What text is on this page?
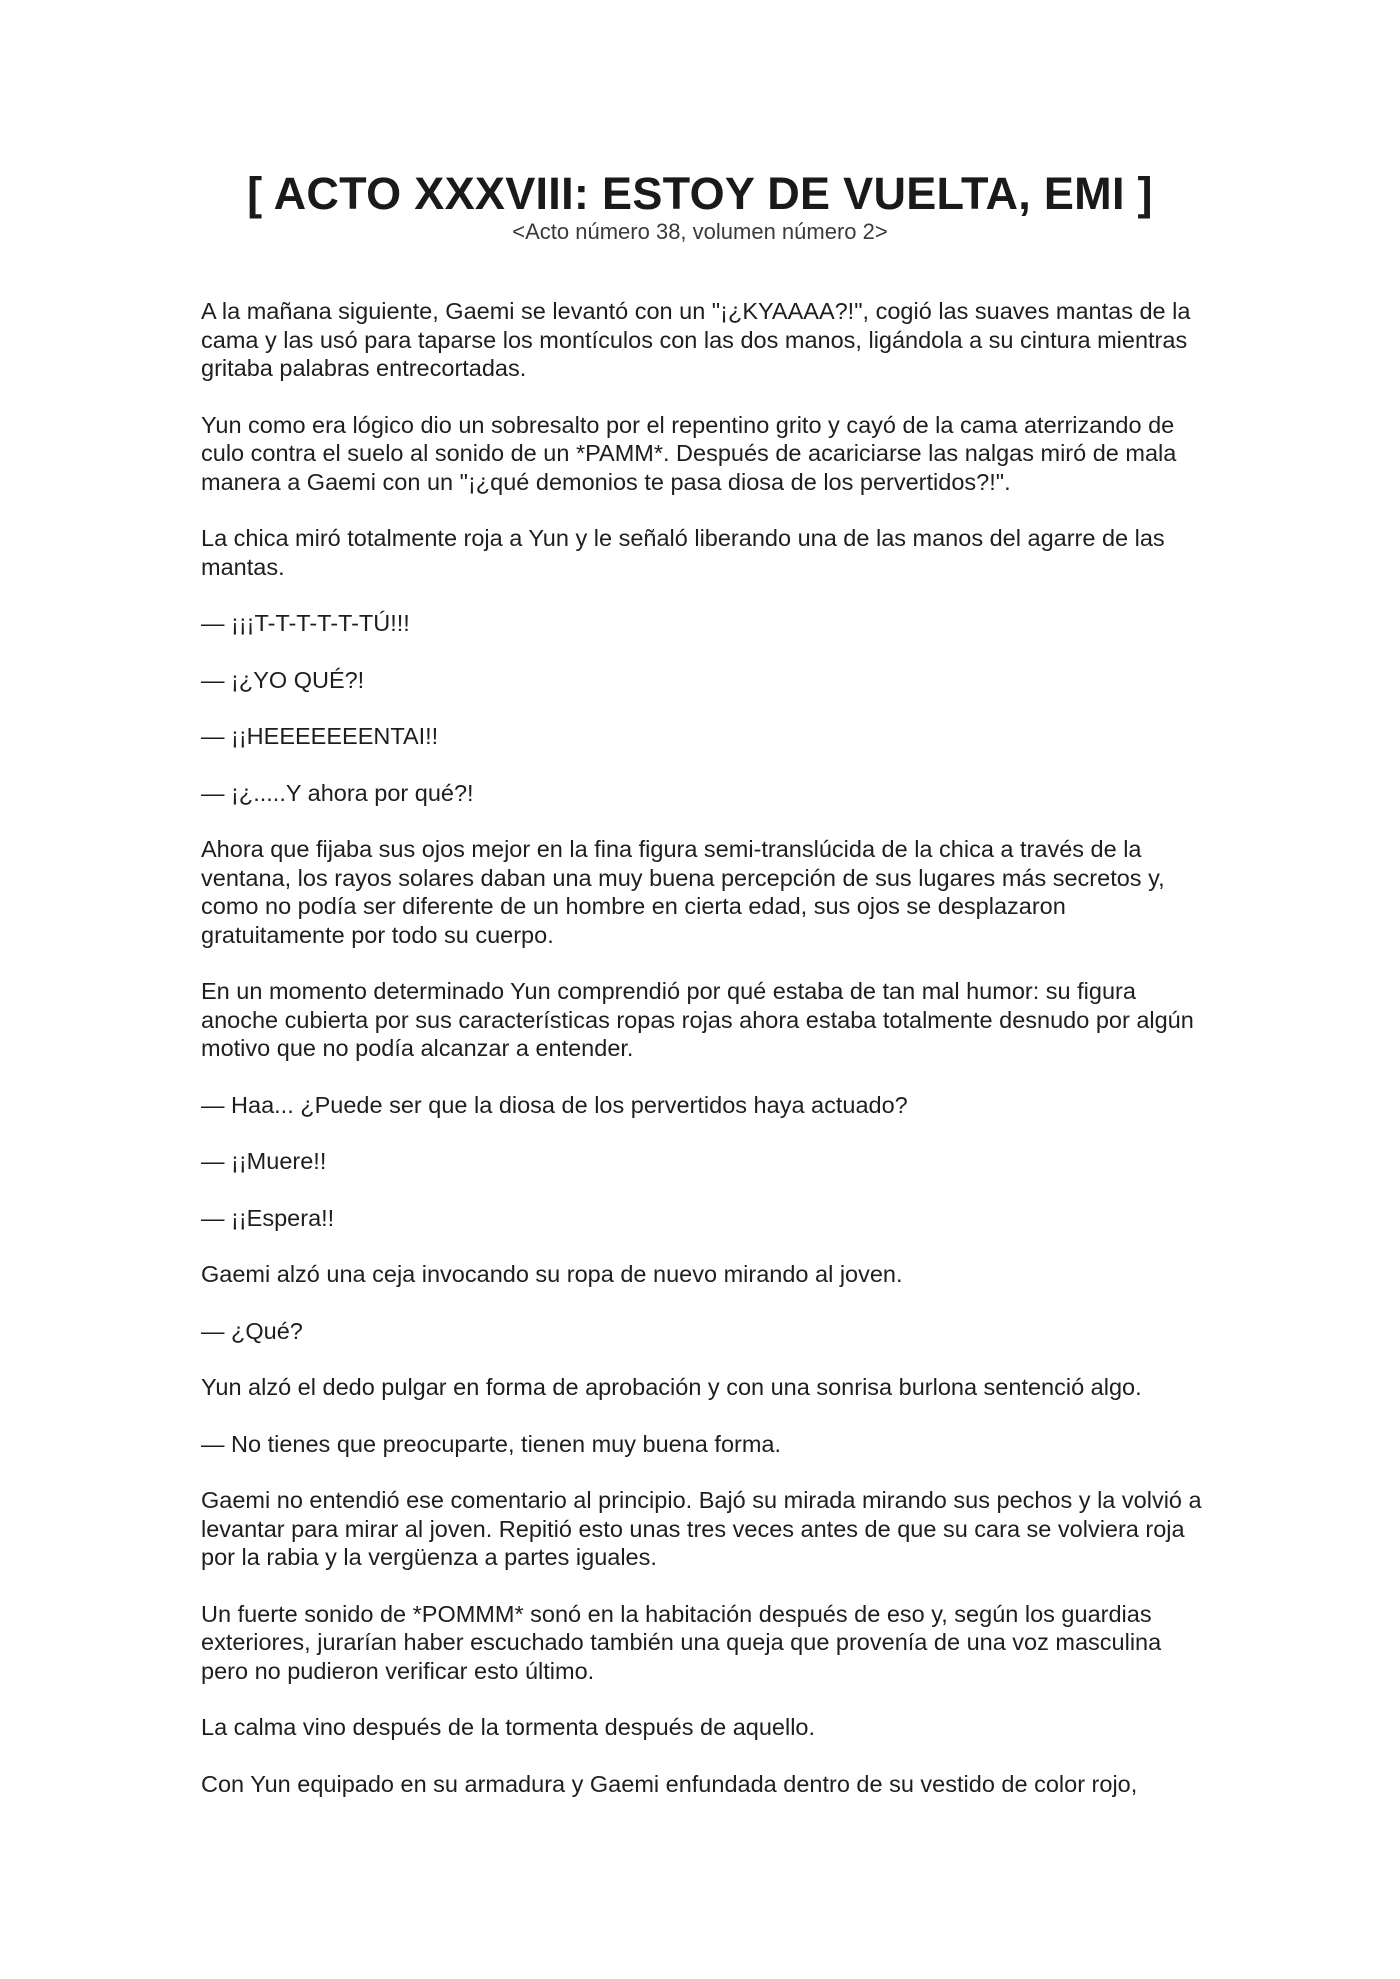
[ ACTO XXXVIII: ESTOY DE VUELTA, EMI ]
<Acto número 38, volumen número 2>

A la mañana siguiente, Gaemi se levantó con un "¡¿KYAAAA?!", cogió las suaves mantas de la cama y las usó para taparse los montículos con las dos manos, ligándola a su cintura mientras gritaba palabras entrecortadas.

Yun como era lógico dio un sobresalto por el repentino grito y cayó de la cama aterrizando de culo contra el suelo al sonido de un *PAMM*. Después de acariciarse las nalgas miró de mala manera a Gaemi con un "¡¿qué demonios te pasa diosa de los pervertidos?!".

La chica miró totalmente roja a Yun y le señaló liberando una de las manos del agarre de las mantas.

— ¡¡¡T-T-T-T-T-TÚ!!!

— ¡¿YO QUÉ?!

— ¡¡HEEEEEEENTAI!!

— ¡¿.....Y ahora por qué?!

Ahora que fijaba sus ojos mejor en la fina figura semi-translúcida de la chica a través de la ventana, los rayos solares daban una muy buena percepción de sus lugares más secretos y, como no podía ser diferente de un hombre en cierta edad, sus ojos se desplazaron gratuitamente por todo su cuerpo.

En un momento determinado Yun comprendió por qué estaba de tan mal humor: su figura anoche cubierta por sus características ropas rojas ahora estaba totalmente desnudo por algún motivo que no podía alcanzar a entender.

— Haa... ¿Puede ser que la diosa de los pervertidos haya actuado?

— ¡¡Muere!!

— ¡¡Espera!!

Gaemi alzó una ceja invocando su ropa de nuevo mirando al joven.

— ¿Qué?

Yun alzó el dedo pulgar en forma de aprobación y con una sonrisa burlona sentenció algo.

— No tienes que preocuparte, tienen muy buena forma.

Gaemi no entendió ese comentario al principio. Bajó su mirada mirando sus pechos y la volvió a levantar para mirar al joven. Repitió esto unas tres veces antes de que su cara se volviera roja por la rabia y la vergüenza a partes iguales.

Un fuerte sonido de *POMMM* sonó en la habitación después de eso y, según los guardias exteriores, jurarían haber escuchado también una queja que provenía de una voz masculina pero no pudieron verificar esto último.

La calma vino después de la tormenta después de aquello.

Con Yun equipado en su armadura y Gaemi enfundada dentro de su vestido de color rojo,
